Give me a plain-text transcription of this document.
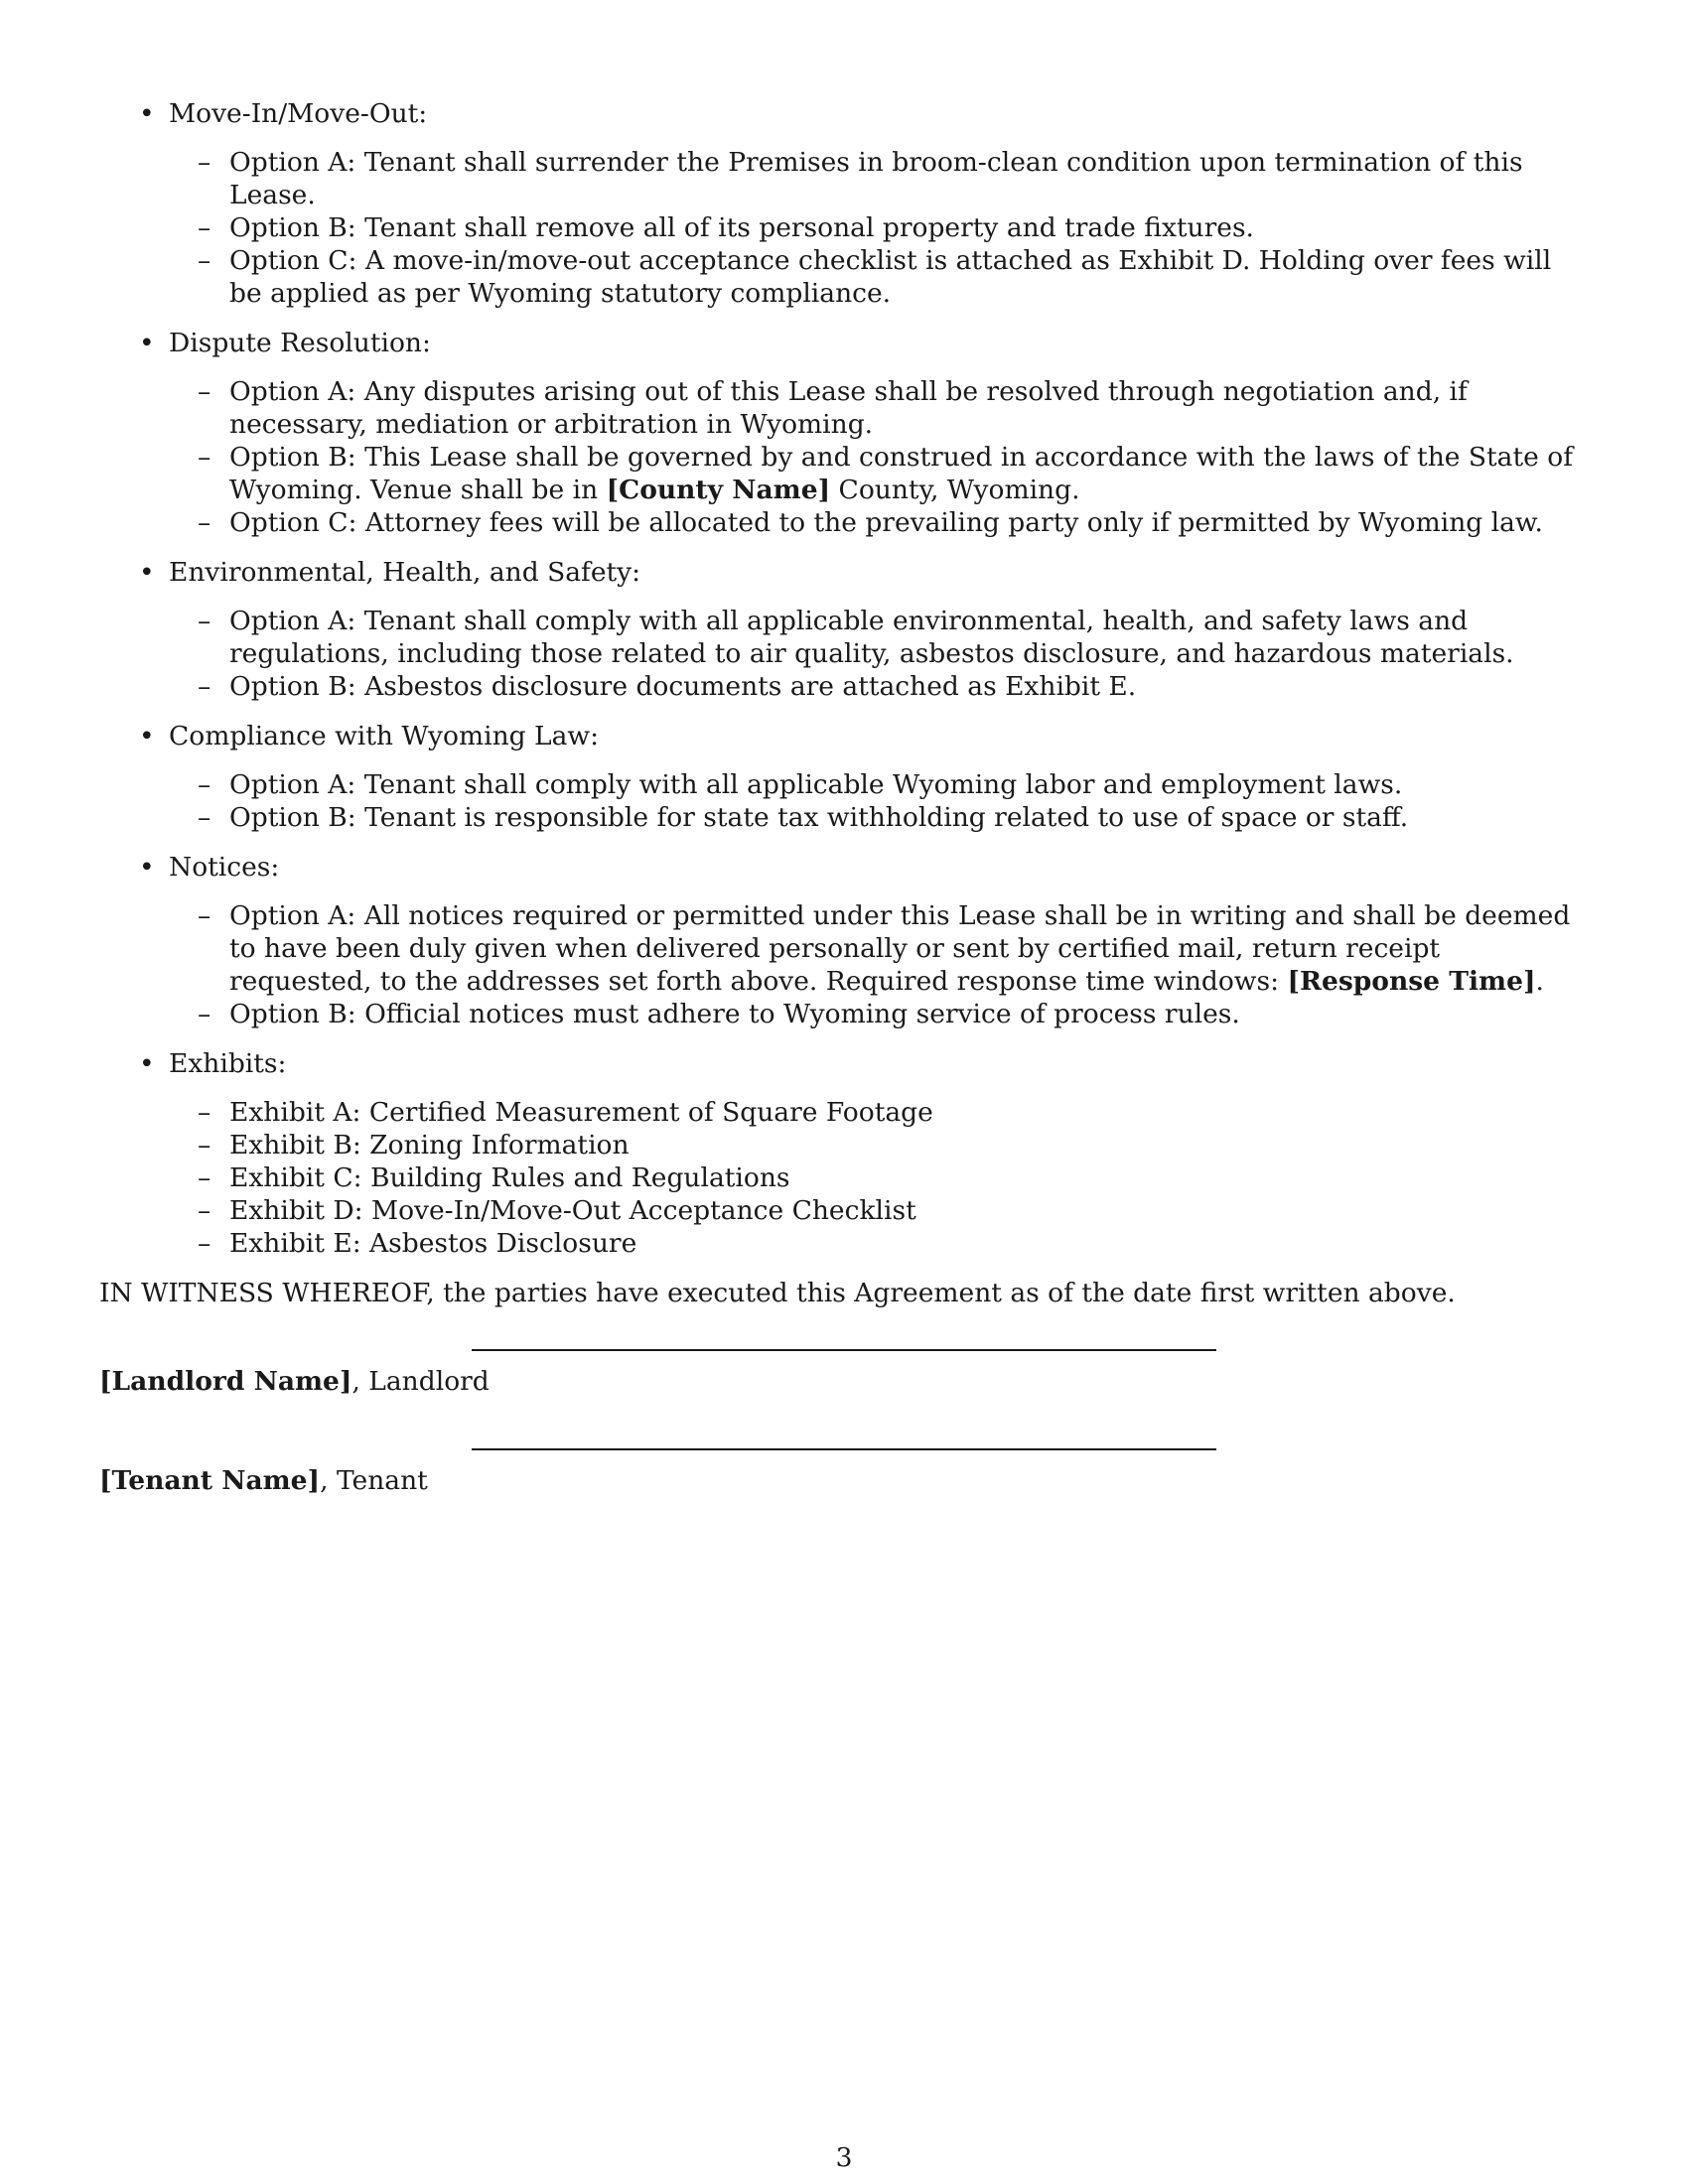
• Move-In/Move-Out:
– Option A: Tenant shall surrender the Premises in broom-clean condition upon termination of this Lease.
– Option B: Tenant shall remove all of its personal property and trade fixtures.
– Option C: A move-in/move-out acceptance checklist is attached as Exhibit D. Holding over fees will be applied as per Wyoming statutory compliance.
• Dispute Resolution:
– Option A: Any disputes arising out of this Lease shall be resolved through negotiation and, if necessary, mediation or arbitration in Wyoming.
– Option B: This Lease shall be governed by and construed in accordance with the laws of the State of Wyoming. Venue shall be in [County Name] County, Wyoming.
– Option C: Attorney fees will be allocated to the prevailing party only if permitted by Wyoming law.
• Environmental, Health, and Safety:
– Option A: Tenant shall comply with all applicable environmental, health, and safety laws and regulations, including those related to air quality, asbestos disclosure, and hazardous materials.
– Option B: Asbestos disclosure documents are attached as Exhibit E.
• Compliance with Wyoming Law:
– Option A: Tenant shall comply with all applicable Wyoming labor and employment laws.
– Option B: Tenant is responsible for state tax withholding related to use of space or staff.
• Notices:
– Option A: All notices required or permitted under this Lease shall be in writing and shall be deemed to have been duly given when delivered personally or sent by certified mail, return receipt requested, to the addresses set forth above. Required response time windows: [Response Time].
– Option B: Official notices must adhere to Wyoming service of process rules.
• Exhibits:
– Exhibit A: Certified Measurement of Square Footage
– Exhibit B: Zoning Information
– Exhibit C: Building Rules and Regulations
– Exhibit D: Move-In/Move-Out Acceptance Checklist
– Exhibit E: Asbestos Disclosure
IN WITNESS WHEREOF, the parties have executed this Agreement as of the date first written above.
[Landlord Name], Landlord
[Tenant Name], Tenant
3
